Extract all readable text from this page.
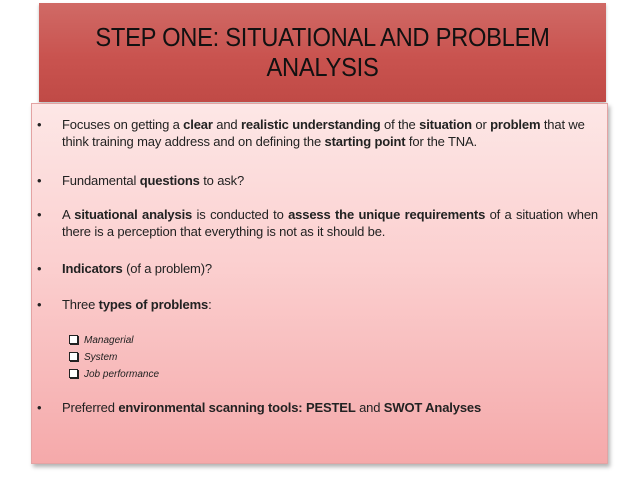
STEP ONE: SITUATIONAL AND PROBLEM
ANALYSIS
• Focuses on getting a clear and realistic understanding of the situation or problem that we think training may address and on defining the starting point for the TNA.
• Fundamental questions to ask?
• A situational analysis is conducted to assess the unique requirements of a situation when there is a perception that everything is not as it should be.
• Indicators (of a problem)?
• Three types of problems:
Managerial
System
Job performance
• Preferred environmental scanning tools: PESTEL and SWOT Analyses
